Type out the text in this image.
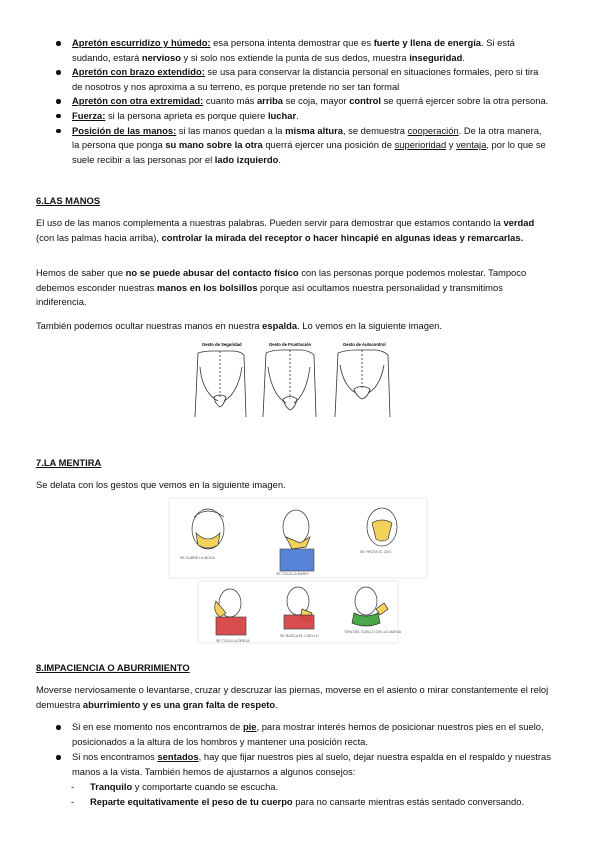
Apretón escurridizo y húmedo: esa persona intenta demostrar que es fuerte y llena de energía. Si está sudando, estará nervioso y si solo nos extiende la punta de sus dedos, muestra inseguridad.
Apretón con brazo extendido: se usa para conservar la distancia personal en situaciones formales, pero si tira de nosotros y nos aproxima a su terreno, es porque pretende no ser tan formal
Apretón con otra extremidad: cuanto más arriba se coja, mayor control se querrá ejercer sobre la otra persona.
Fuerza: si la persona aprieta es porque quiere luchar.
Posición de las manos: si las manos quedan a la misma altura, se demuestra cooperación. De la otra manera, la persona que ponga su mano sobre la otra querrá ejercer una posición de superioridad y ventaja, por lo que se suele recibir a las personas por el lado izquierdo.
6.LAS MANOS

El uso de las manos complementa a nuestras palabras. Pueden servir para demostrar que estamos contando la verdad (con las palmas hacia arriba), controlar la mirada del receptor o hacer hincapié en algunas ideas y remarcarlas.

Hemos de saber que no se puede abusar del contacto físico con las personas porque podemos molestar. Tampoco debemos esconder nuestras manos en los bolsillos porque así ocultamos nuestra personalidad y transmitimos indiferencia.

También podemos ocultar nuestras manos en nuestra espalda. Lo vemos en la siguiente imagen.

Gesto de Seguridad	Gesto de Frustración	Gesto de Autocontrol
7.LA MENTIRA

Se delata con los gestos que vemos en la siguiente imagen.

SE CUBRE LA BOCA
SE TOCA LA NARIZ
SE FROTA EL OJO
SE TOCA LA OREJA
SE RASCA EL CUELLO
TIRA DEL CUELLO DE LA CAMISA
8.IMPACIENCIA O ABURRIMIENTO

Moverse nerviosamente o levantarse, cruzar y descruzar las piernas, moverse en el asiento o mirar constantemente el reloj demuestra aburrimiento y es una gran falta de respeto.

Si en ese momento nos encontramos de pie, para mostrar interés hemos de posicionar nuestros pies en el suelo, posicionados a la altura de los hombros y mantener una posición recta.
Si nos encontramos sentados, hay que fijar nuestros pies al suelo, dejar nuestra espalda en el respaldo y nuestras manos a la vista. También hemos de ajustarnos a algunos consejos:
- Tranquilo y comportarte cuando se escucha.
- Reparte equitativamente el peso de tu cuerpo para no cansarte mientras estás sentado conversando.
